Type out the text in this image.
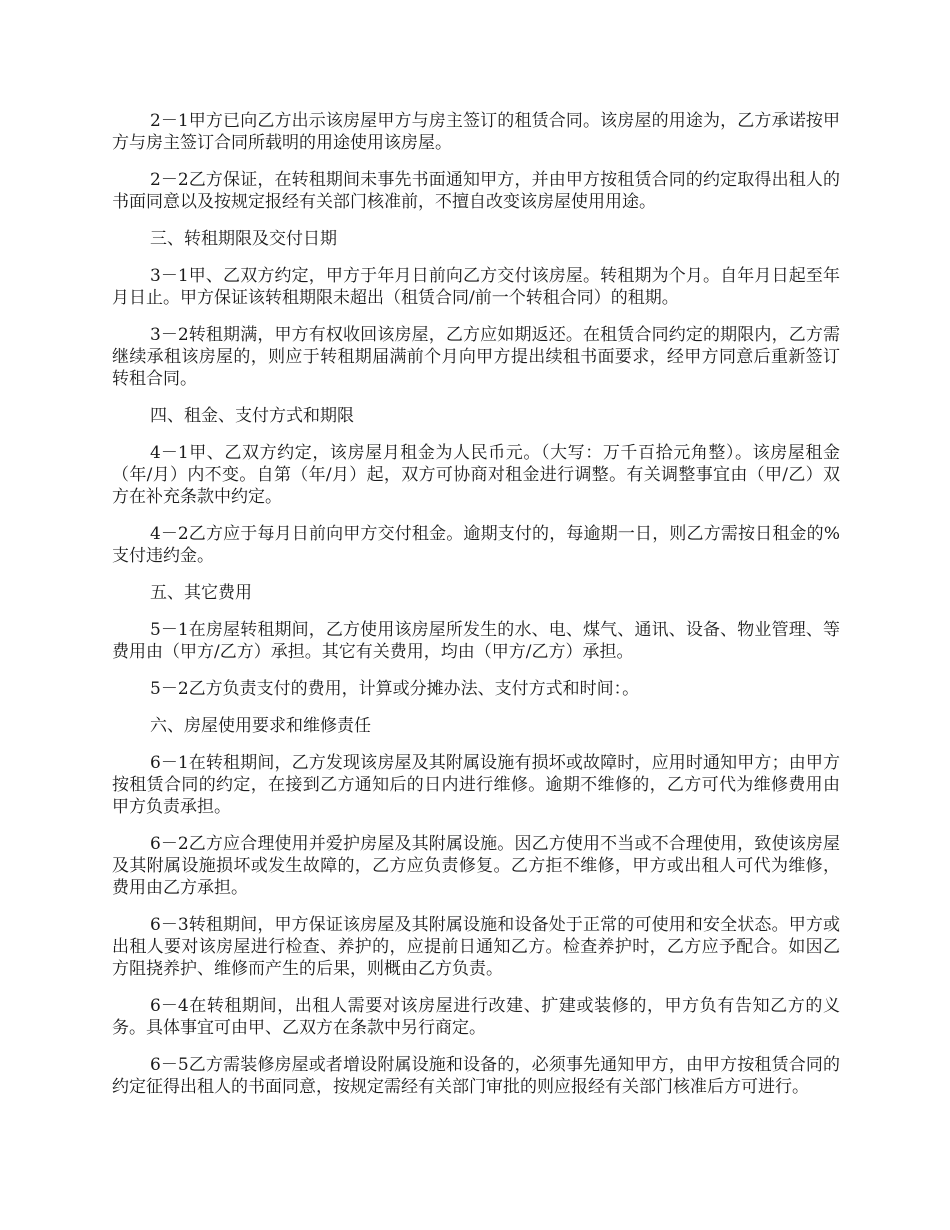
2－1甲方已向乙方出示该房屋甲方与房主签订的租赁合同。该房屋的用途为，乙方承诺按甲方与房主签订合同所载明的用途使用该房屋。

2－2乙方保证，在转租期间未事先书面通知甲方，并由甲方按租赁合同的约定取得出租人的书面同意以及按规定报经有关部门核准前，不擅自改变该房屋使用用途。

三、转租期限及交付日期

3－1甲、乙双方约定，甲方于年月日前向乙方交付该房屋。转租期为个月。自年月日起至年月日止。甲方保证该转租期限未超出（租赁合同/前一个转租合同）的租期。

3－2转租期满，甲方有权收回该房屋，乙方应如期返还。在租赁合同约定的期限内，乙方需继续承租该房屋的，则应于转租期届满前个月向甲方提出续租书面要求，经甲方同意后重新签订转租合同。

四、租金、支付方式和期限

4－1甲、乙双方约定，该房屋月租金为人民币元。（大写：万千百拾元角整）。该房屋租金（年/月）内不变。自第（年/月）起，双方可协商对租金进行调整。有关调整事宜由（甲/乙）双方在补充条款中约定。

4－2乙方应于每月日前向甲方交付租金。逾期支付的，每逾期一日，则乙方需按日租金的%支付违约金。

五、其它费用

5－1在房屋转租期间，乙方使用该房屋所发生的水、电、煤气、通讯、设备、物业管理、等费用由（甲方/乙方）承担。其它有关费用，均由（甲方/乙方）承担。

5－2乙方负责支付的费用，计算或分摊办法、支付方式和时间：。

六、房屋使用要求和维修责任

6－1在转租期间，乙方发现该房屋及其附属设施有损坏或故障时，应用时通知甲方；由甲方按租赁合同的约定，在接到乙方通知后的日内进行维修。逾期不维修的，乙方可代为维修费用由甲方负责承担。

6－2乙方应合理使用并爱护房屋及其附属设施。因乙方使用不当或不合理使用，致使该房屋及其附属设施损坏或发生故障的，乙方应负责修复。乙方拒不维修，甲方或出租人可代为维修，费用由乙方承担。

6－3转租期间，甲方保证该房屋及其附属设施和设备处于正常的可使用和安全状态。甲方或出租人要对该房屋进行检查、养护的，应提前日通知乙方。检查养护时，乙方应予配合。如因乙方阻挠养护、维修而产生的后果，则概由乙方负责。

6－4在转租期间，出租人需要对该房屋进行改建、扩建或装修的，甲方负有告知乙方的义务。具体事宜可由甲、乙双方在条款中另行商定。

6－5乙方需装修房屋或者增设附属设施和设备的，必须事先通知甲方，由甲方按租赁合同的约定征得出租人的书面同意，按规定需经有关部门审批的则应报经有关部门核准后方可进行。
